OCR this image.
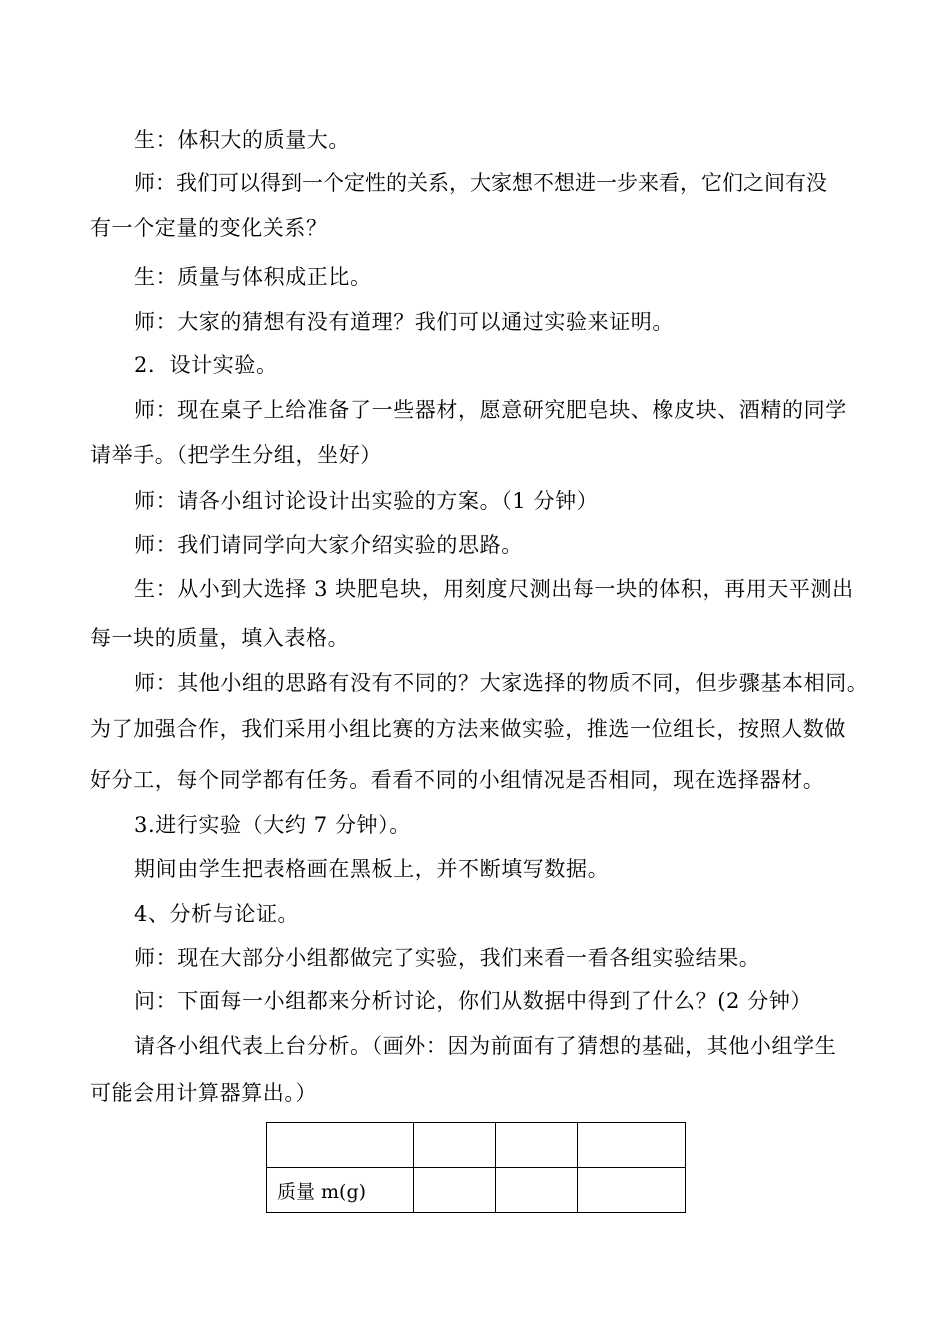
生：体积大的质量大。
师：我们可以得到一个定性的关系，大家想不想进一步来看，它们之间有没
有一个定量的变化关系？
生：质量与体积成正比。
师：大家的猜想有没有道理？我们可以通过实验来证明。
2．设计实验。
师：现在桌子上给准备了一些器材，愿意研究肥皂块、橡皮块、酒精的同学
请举手。（把学生分组，坐好）
师：请各小组讨论设计出实验的方案。（1 分钟）
师：我们请同学向大家介绍实验的思路。
生：从小到大选择 3 块肥皂块，用刻度尺测出每一块的体积，再用天平测出
每一块的质量，填入表格。
师：其他小组的思路有没有不同的？大家选择的物质不同，但步骤基本相同。
为了加强合作，我们采用小组比赛的方法来做实验，推选一位组长，按照人数做
好分工，每个同学都有任务。看看不同的小组情况是否相同，现在选择器材。
3.进行实验（大约 7 分钟）。
期间由学生把表格画在黑板上，并不断填写数据。
4、分析与论证。
师：现在大部分小组都做完了实验，我们来看一看各组实验结果。
问：下面每一小组都来分析讨论，你们从数据中得到了什么？(2 分钟）
请各小组代表上台分析。（画外：因为前面有了猜想的基础，其他小组学生
可能会用计算器算出。）

质量 m(g)			
